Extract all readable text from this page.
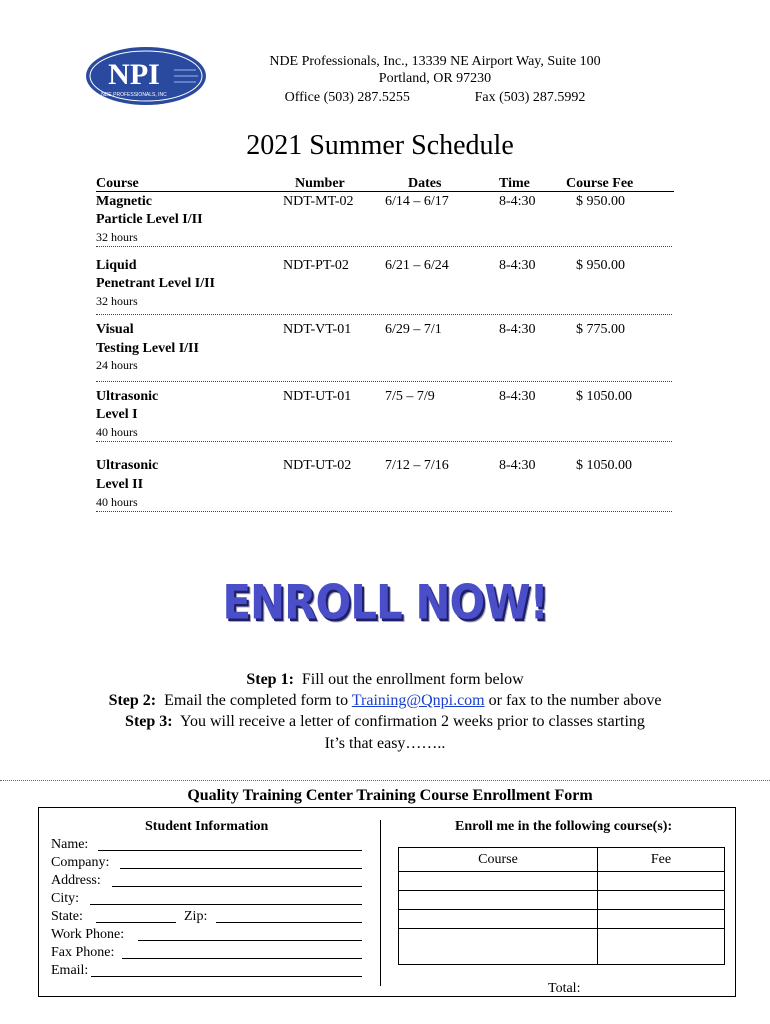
NPI
NDE PROFESSIONALS, INC
NDE Professionals, Inc., 13339 NE Airport Way, Suite 100
Portland, OR 97230
Office (503) 287.5255	Fax (503) 287.5992
2021 Summer Schedule
Course	Number	Dates	Time	Course Fee
Magnetic
Particle Level I/II
32 hours
NDT-MT-02 6/14 – 6/17	8-4:30	$ 950.00
Liquid
Penetrant Level I/II
32 hours
NDT-PT-02	6/21 – 6/24	8-4:30	$ 950.00
Visual
Testing Level I/II
24 hours
NDT-VT-01 6/29 – 7/1	8-4:30	$ 775.00
Ultrasonic
Level I
40 hours
NDT-UT-01 7/5 – 7/9	8-4:30	$ 1050.00
Ultrasonic
Level II
40 hours
NDT-UT-02 7/12 – 7/16	8-4:30	$ 1050.00
ENROLL NOW!
Step 1: Fill out the enrollment form below
Step 2: Email the completed form to Training@Qnpi.com or fax to the number above
Step 3: You will receive a letter of confirmation 2 weeks prior to classes starting
It’s that easy……..
Quality Training Center Training Course Enrollment Form
Student Information	Enroll me in the following course(s):
Name:
Company:
Address:
City:
State:	Zip:
Work Phone:
Fax Phone:
Email:
Course	Fee

Total:
